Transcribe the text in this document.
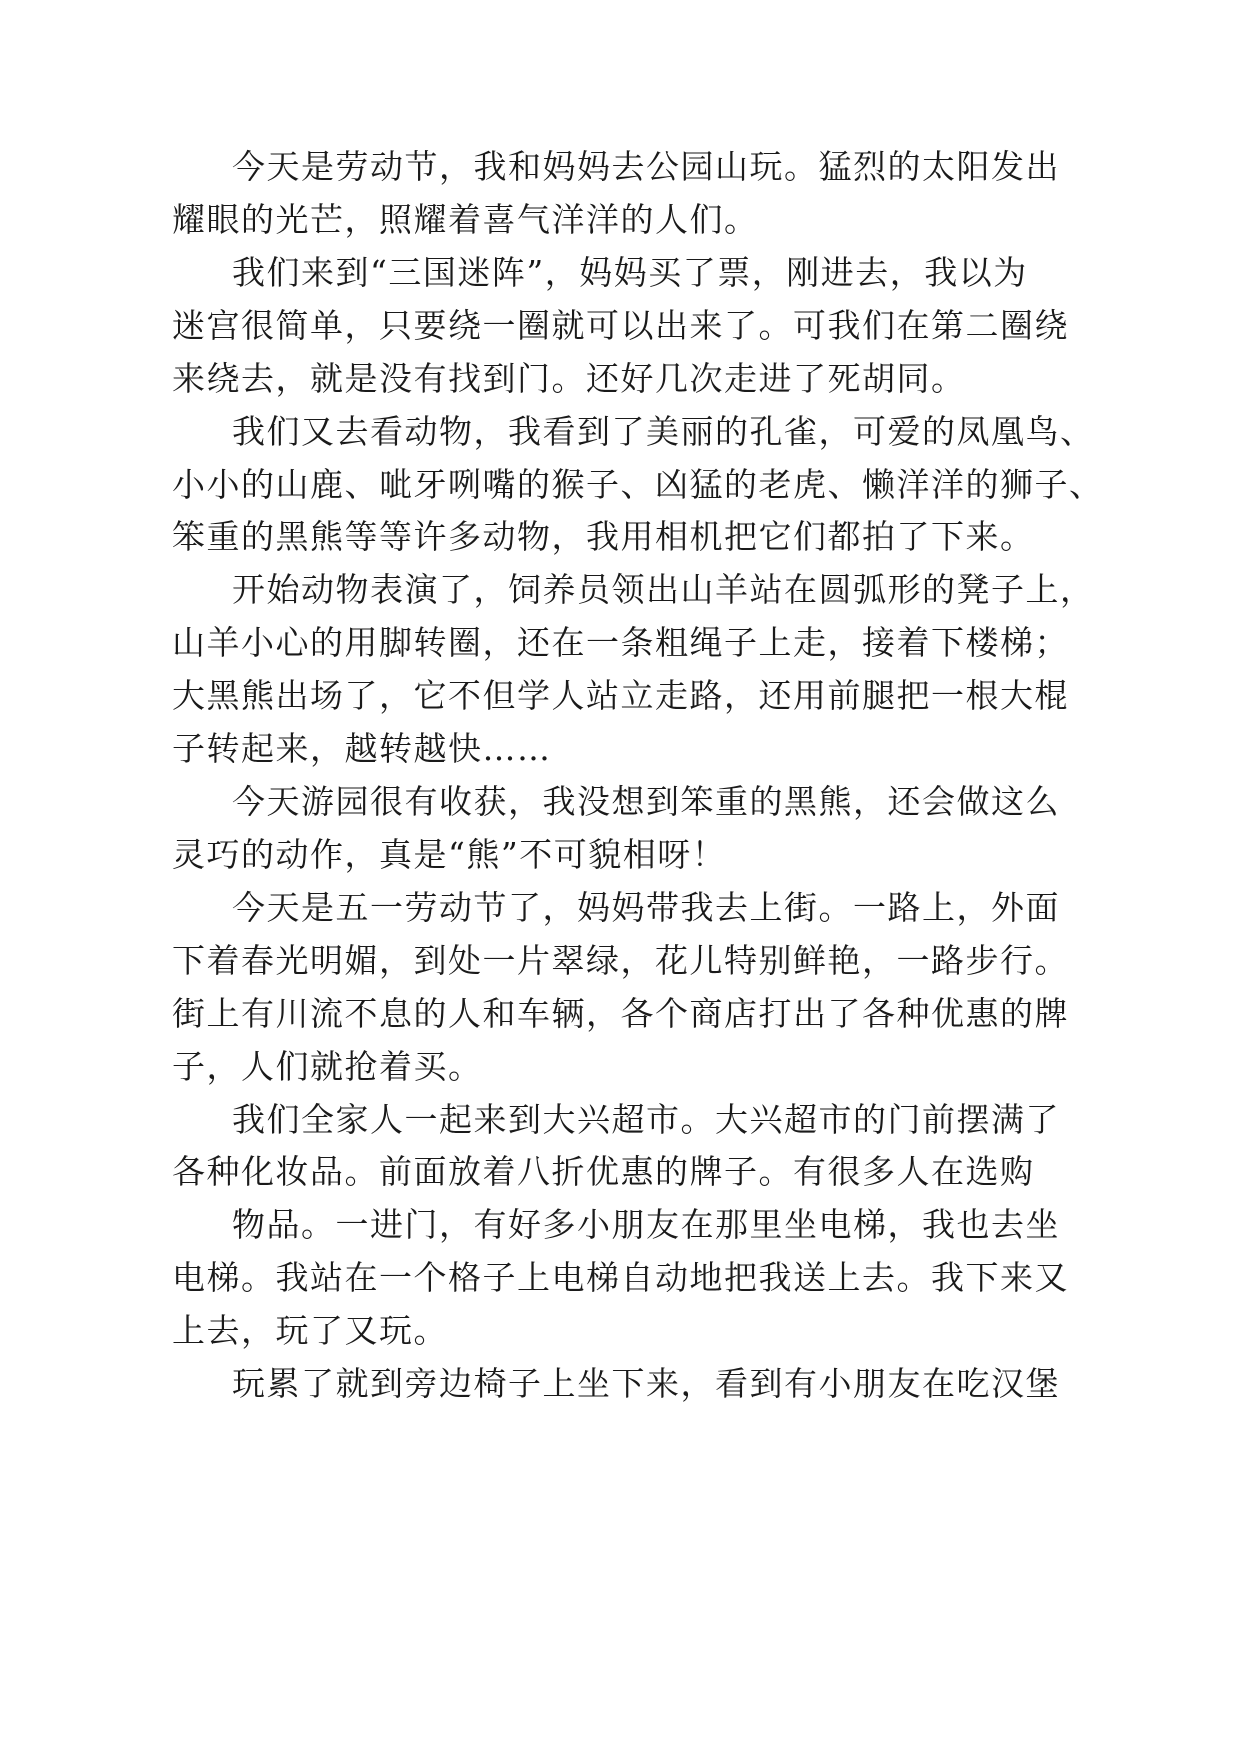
今天是劳动节，我和妈妈去公园山玩。猛烈的太阳发出
耀眼的光芒，照耀着喜气洋洋的人们。
我们来到“三国迷阵”，妈妈买了票，刚进去，我以为
迷宫很简单，只要绕一圈就可以出来了。可我们在第二圈绕
来绕去，就是没有找到门。还好几次走进了死胡同。
我们又去看动物，我看到了美丽的孔雀，可爱的凤凰鸟、
小小的山鹿、呲牙咧嘴的猴子、凶猛的老虎、懒洋洋的狮子、
笨重的黑熊等等许多动物，我用相机把它们都拍了下来。
开始动物表演了，饲养员领出山羊站在圆弧形的凳子上，
山羊小心的用脚转圈，还在一条粗绳子上走，接着下楼梯；
大黑熊出场了，它不但学人站立走路，还用前腿把一根大棍
子转起来，越转越快……
今天游园很有收获，我没想到笨重的黑熊，还会做这么
灵巧的动作，真是“熊”不可貌相呀！
今天是五一劳动节了，妈妈带我去上街。一路上，外面
下着春光明媚，到处一片翠绿，花儿特别鲜艳，一路步行。
街上有川流不息的人和车辆，各个商店打出了各种优惠的牌
子，人们就抢着买。
我们全家人一起来到大兴超市。大兴超市的门前摆满了
各种化妆品。前面放着八折优惠的牌子。有很多人在选购
物品。一进门，有好多小朋友在那里坐电梯，我也去坐
电梯。我站在一个格子上电梯自动地把我送上去。我下来又
上去，玩了又玩。
玩累了就到旁边椅子上坐下来，看到有小朋友在吃汉堡
